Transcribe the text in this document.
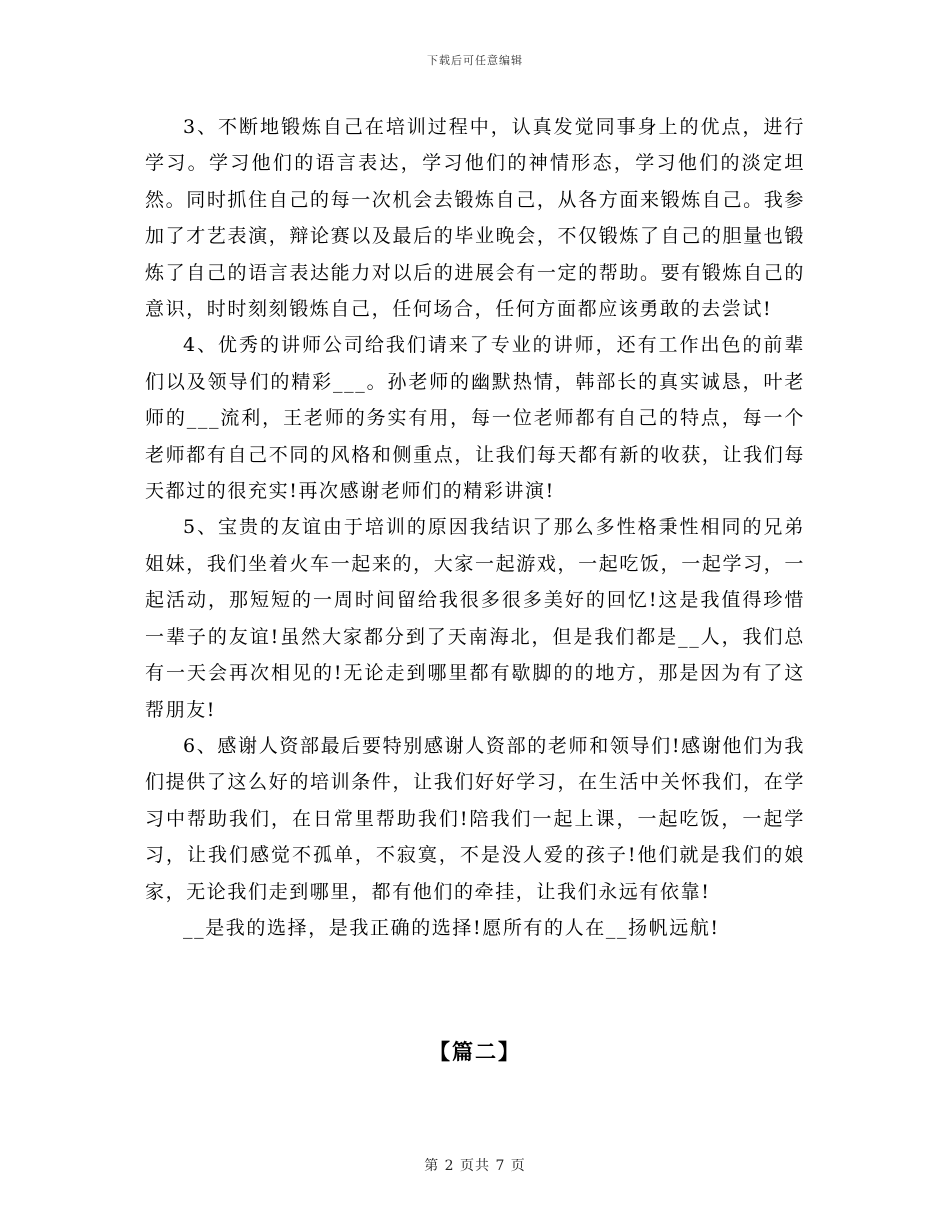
下载后可任意编辑

3、不断地锻炼自己在培训过程中，认真发觉同事身上的优点，进行学习。学习他们的语言表达，学习他们的神情形态，学习他们的淡定坦然。同时抓住自己的每一次机会去锻炼自己，从各方面来锻炼自己。我参加了才艺表演，辩论赛以及最后的毕业晚会，不仅锻炼了自己的胆量也锻炼了自己的语言表达能力对以后的进展会有一定的帮助。要有锻炼自己的意识，时时刻刻锻炼自己，任何场合，任何方面都应该勇敢的去尝试!

4、优秀的讲师公司给我们请来了专业的讲师，还有工作出色的前辈们以及领导们的精彩___。孙老师的幽默热情，韩部长的真实诚恳，叶老师的___流利，王老师的务实有用，每一位老师都有自己的特点，每一个老师都有自己不同的风格和侧重点，让我们每天都有新的收获，让我们每天都过的很充实!再次感谢老师们的精彩讲演!

5、宝贵的友谊由于培训的原因我结识了那么多性格秉性相同的兄弟姐妹，我们坐着火车一起来的，大家一起游戏，一起吃饭，一起学习，一起活动，那短短的一周时间留给我很多很多美好的回忆!这是我值得珍惜一辈子的友谊!虽然大家都分到了天南海北，但是我们都是__人，我们总有一天会再次相见的!无论走到哪里都有歇脚的的地方，那是因为有了这帮朋友!

6、感谢人资部最后要特别感谢人资部的老师和领导们!感谢他们为我们提供了这么好的培训条件，让我们好好学习，在生活中关怀我们，在学习中帮助我们，在日常里帮助我们!陪我们一起上课，一起吃饭，一起学习，让我们感觉不孤单，不寂寞，不是没人爱的孩子!他们就是我们的娘家，无论我们走到哪里，都有他们的牵挂，让我们永远有依靠!

__是我的选择，是我正确的选择!愿所有的人在__扬帆远航!

【篇二】
第 2 页共 7 页
